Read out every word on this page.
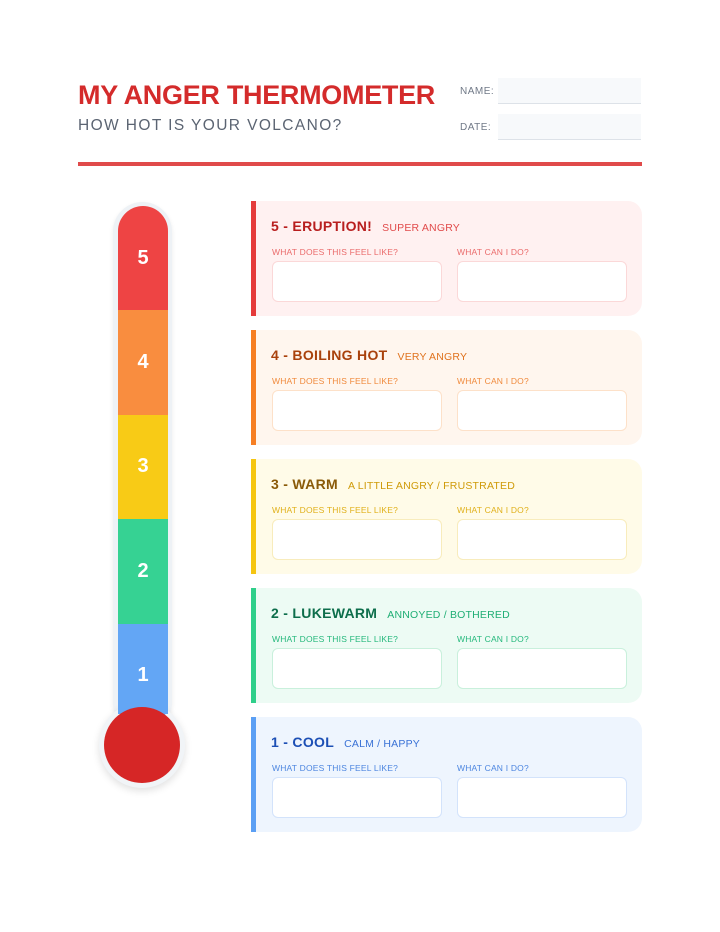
MY ANGER THERMOMETER
HOW HOT IS YOUR VOLCANO?
NAME:
DATE:
5
4
3
2
1
5 - ERUPTION! SUPER ANGRY
WHAT DOES THIS FEEL LIKE?	WHAT CAN I DO?
4 - BOILING HOT VERY ANGRY
WHAT DOES THIS FEEL LIKE?	WHAT CAN I DO?
3 - WARM A LITTLE ANGRY / FRUSTRATED
WHAT DOES THIS FEEL LIKE?	WHAT CAN I DO?
2 - LUKEWARM ANNOYED / BOTHERED
WHAT DOES THIS FEEL LIKE?	WHAT CAN I DO?
1 - COOL CALM / HAPPY
WHAT DOES THIS FEEL LIKE?	WHAT CAN I DO?
